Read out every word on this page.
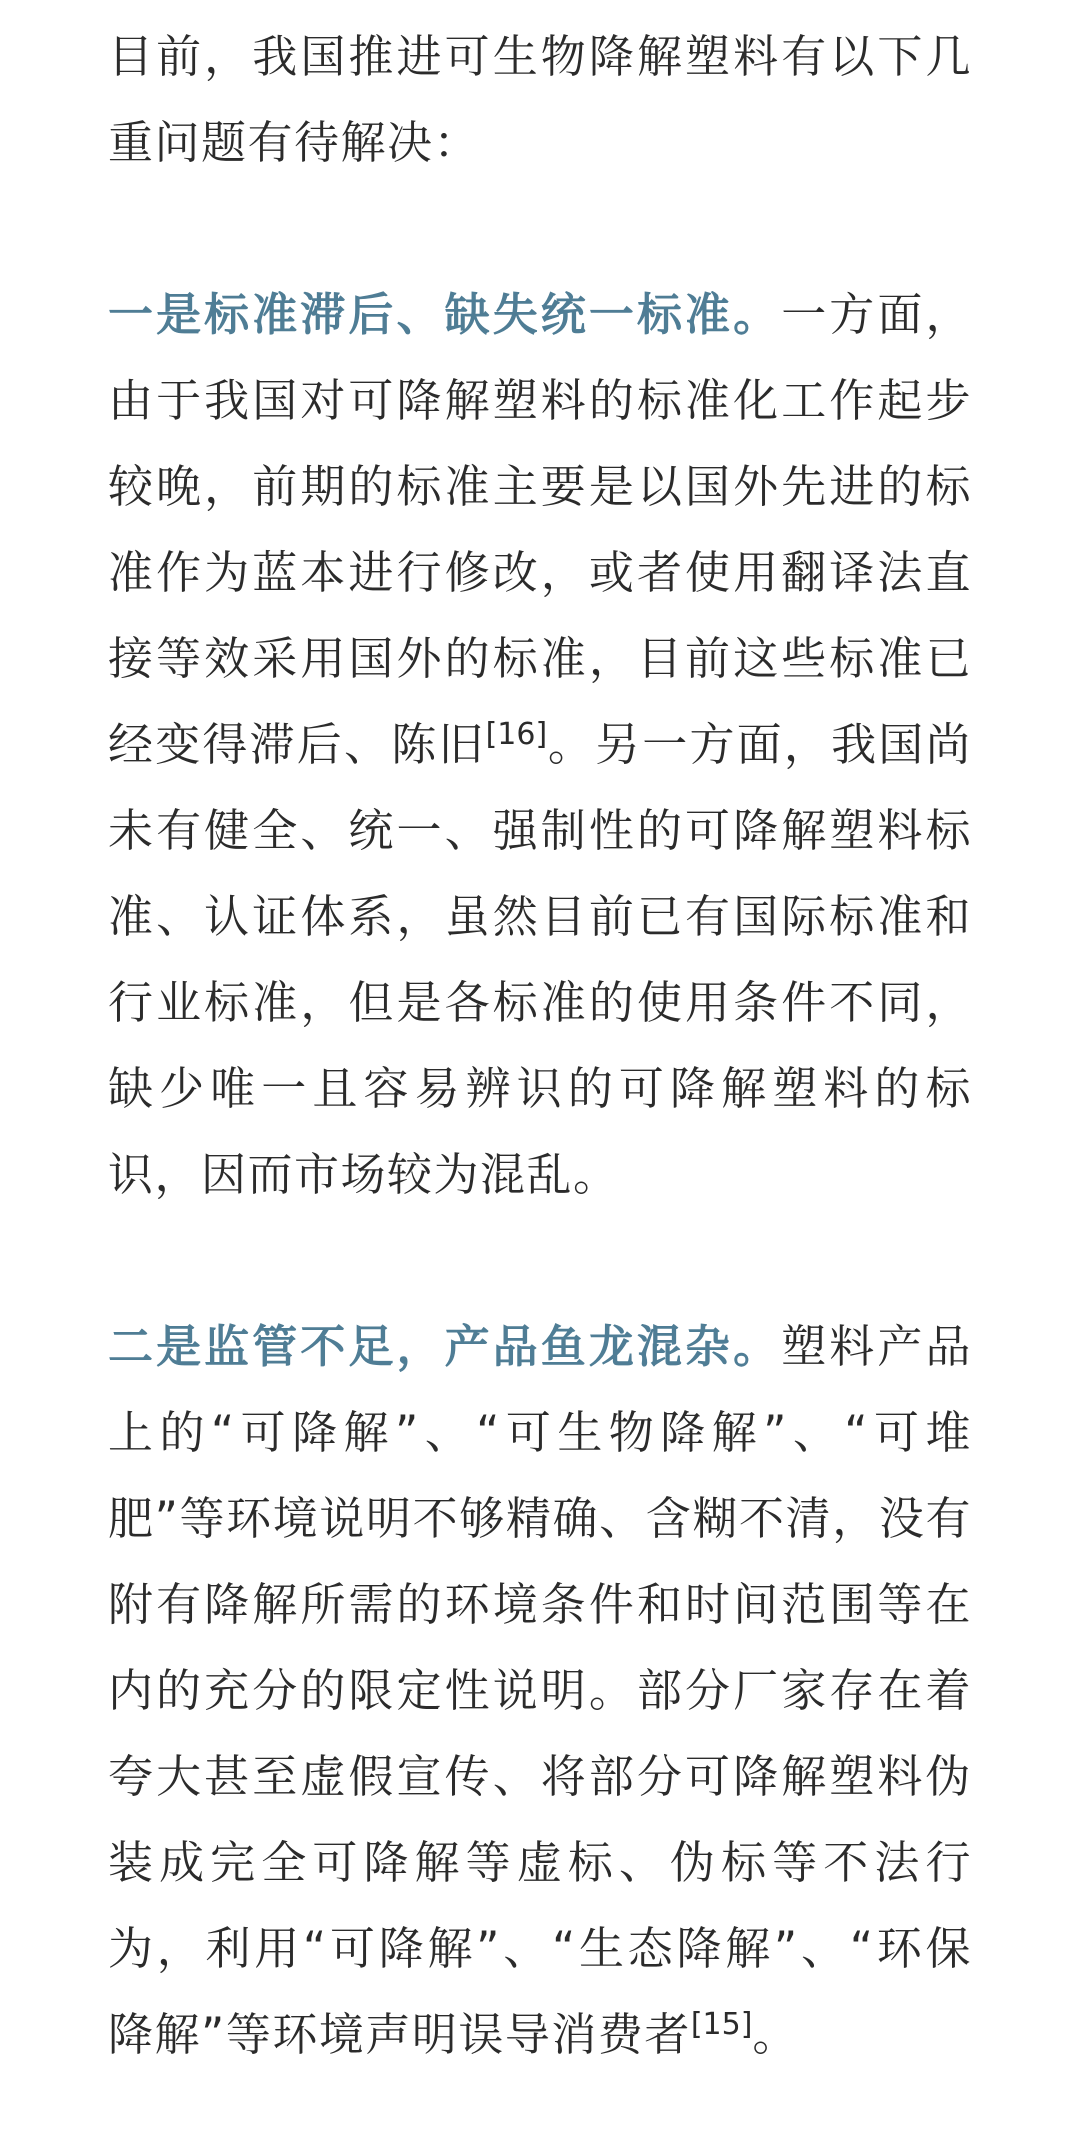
目前，我国推进可生物降解塑料有以下几重问题有待解决：

一是标准滞后、缺失统一标准。一方面，由于我国对可降解塑料的标准化工作起步较晚，前期的标准主要是以国外先进的标准作为蓝本进行修改，或者使用翻译法直接等效采用国外的标准，目前这些标准已经变得滞后、陈旧[16]。另一方面，我国尚未有健全、统一、强制性的可降解塑料标准、认证体系，虽然目前已有国际标准和行业标准，但是各标准的使用条件不同，缺少唯一且容易辨识的可降解塑料的标识，因而市场较为混乱。

二是监管不足，产品鱼龙混杂。塑料产品上的“可降解”、“可生物降解”、“可堆肥”等环境说明不够精确、含糊不清，没有附有降解所需的环境条件和时间范围等在内的充分的限定性说明。部分厂家存在着夸大甚至虚假宣传、将部分可降解塑料伪装成完全可降解等虚标、伪标等不法行为，利用“可降解”、“生态降解”、“环保降解”等环境声明误导消费者[15]。
